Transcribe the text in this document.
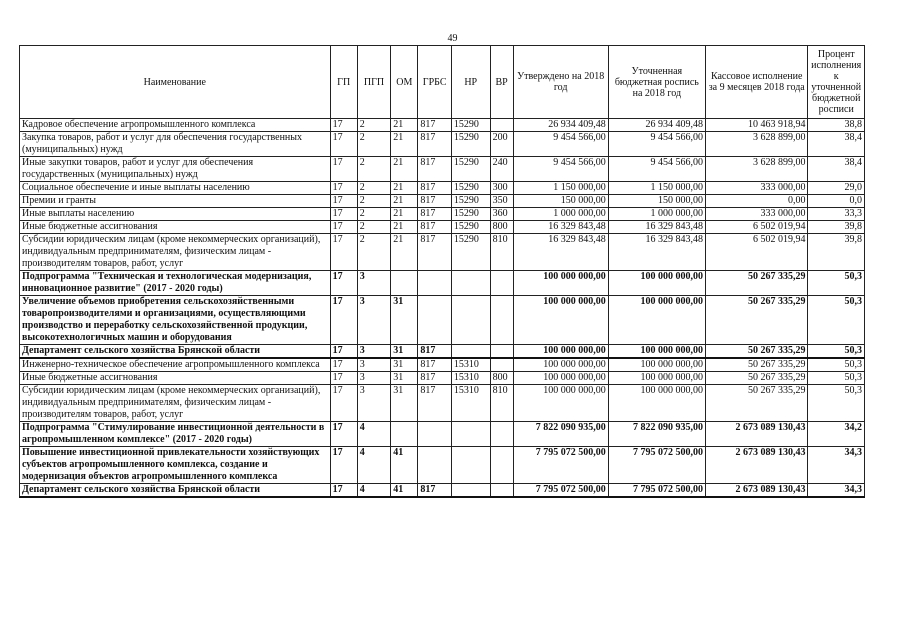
49
Наименование	ГП	ПГП	ОМ	ГРБС	НР	ВР	Утверждено на 2018 год	Уточненная бюджетная роспись на 2018 год	Кассовое исполнение за 9 месяцев 2018 года	Процент исполнения к уточненной бюджетной росписи
Кадровое обеспечение агропромышленного комплекса	17	2	21	817	15290		26 934 409,48	26 934 409,48	10 463 918,94	38,8
Закупка товаров, работ и услуг для обеспечения государственных (муниципальных) нужд	17	2	21	817	15290	200	9 454 566,00	9 454 566,00	3 628 899,00	38,4
Иные закупки товаров, работ и услуг для обеспечения государственных (муниципальных) нужд	17	2	21	817	15290	240	9 454 566,00	9 454 566,00	3 628 899,00	38,4
Социальное обеспечение и иные выплаты населению	17	2	21	817	15290	300	1 150 000,00	1 150 000,00	333 000,00	29,0
Премии и гранты	17	2	21	817	15290	350	150 000,00	150 000,00	0,00	0,0
Иные выплаты населению	17	2	21	817	15290	360	1 000 000,00	1 000 000,00	333 000,00	33,3
Иные бюджетные ассигнования	17	2	21	817	15290	800	16 329 843,48	16 329 843,48	6 502 019,94	39,8
Субсидии юридическим лицам (кроме некоммерческих организаций), индивидуальным предпринимателям, физическим лицам - производителям товаров, работ, услуг	17	2	21	817	15290	810	16 329 843,48	16 329 843,48	6 502 019,94	39,8
Подпрограмма "Техническая и технологическая модернизация, инновационное развитие" (2017 - 2020 годы)	17	3					100 000 000,00	100 000 000,00	50 267 335,29	50,3
Увеличение объемов приобретения сельскохозяйственными товаропроизводителями и организациями, осуществляющими производство и переработку сельскохозяйственной продукции, высокотехнологичных машин и оборудования	17	3	31				100 000 000,00	100 000 000,00	50 267 335,29	50,3
Департамент сельского хозяйства Брянской области	17	3	31	817			100 000 000,00	100 000 000,00	50 267 335,29	50,3
Инженерно-техническое обеспечение агропромышленного комплекса	17	3	31	817	15310		100 000 000,00	100 000 000,00	50 267 335,29	50,3
Иные бюджетные ассигнования	17	3	31	817	15310	800	100 000 000,00	100 000 000,00	50 267 335,29	50,3
Субсидии юридическим лицам (кроме некоммерческих организаций), индивидуальным предпринимателям, физическим лицам - производителям товаров, работ, услуг	17	3	31	817	15310	810	100 000 000,00	100 000 000,00	50 267 335,29	50,3
Подпрограмма "Стимулирование инвестиционной деятельности в агропромышленном комплексе" (2017 - 2020 годы)	17	4					7 822 090 935,00	7 822 090 935,00	2 673 089 130,43	34,2
Повышение инвестиционной привлекательности хозяйствующих субъектов агропромышленного комплекса, создание и модернизация объектов агропромышленного комплекса	17	4	41				7 795 072 500,00	7 795 072 500,00	2 673 089 130,43	34,3
Департамент сельского хозяйства Брянской области	17	4	41	817			7 795 072 500,00	7 795 072 500,00	2 673 089 130,43	34,3
